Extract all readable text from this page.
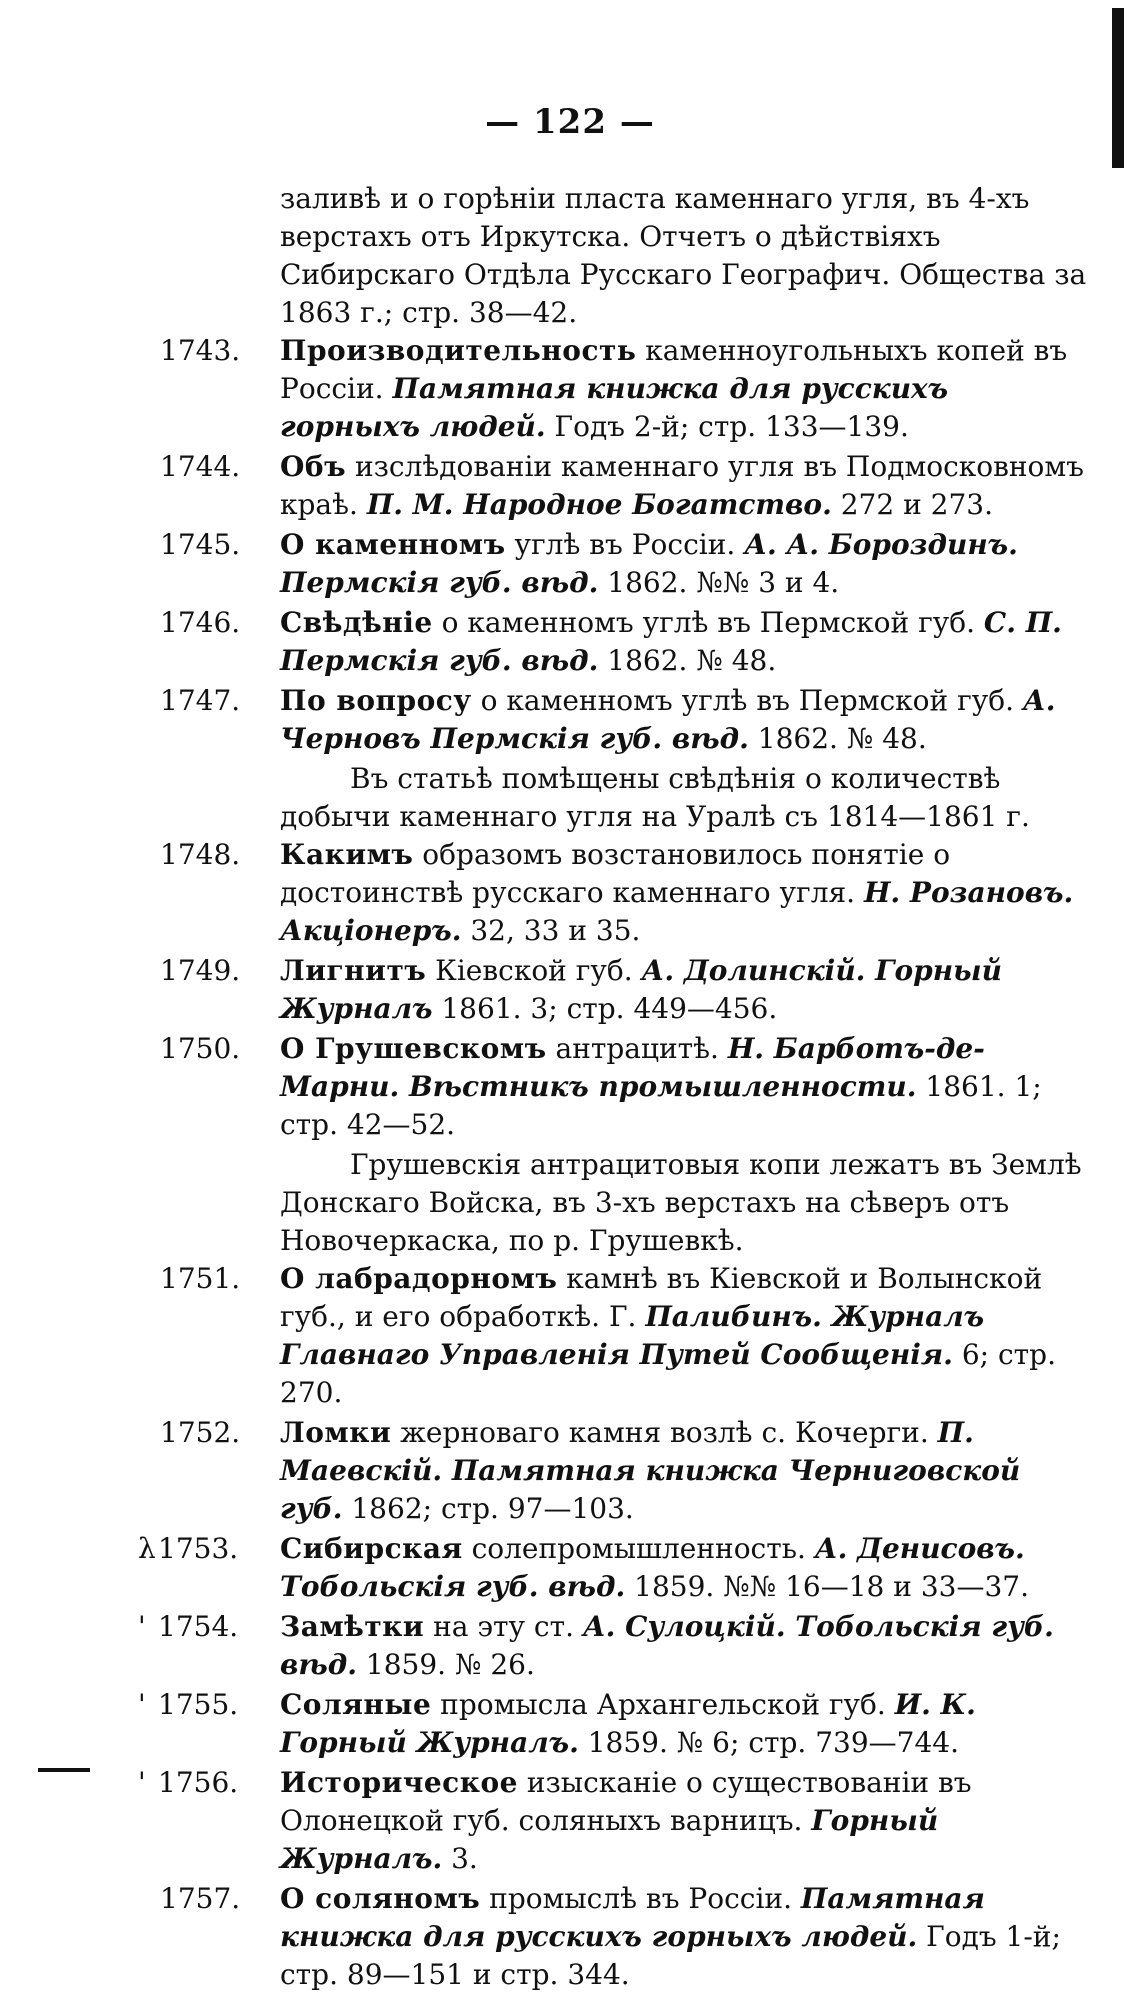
— 122 —

заливѣ и о горѣніи пласта каменнаго угля, въ 4-хъ верстахъ отъ Иркутска. Отчетъ о дѣйствіяхъ Сибирскаго Отдѣла Русскаго Географич. Общества за 1863 г.; стр. 38—42.

1743.	Производительность каменноугольныхъ копей въ Россіи. Памятная книжка для русскихъ горныхъ людей. Годъ 2-й; стр. 133—139.

1744.	Объ изслѣдованіи каменнаго угля въ Подмосковномъ краѣ. П. М. Народное Богатство. 272 и 273.

1745.	О каменномъ углѣ въ Россіи. А. А. Бороздинъ. Пермскія губ. вѣд. 1862. №№ 3 и 4.

1746.	Свѣдѣніе о каменномъ углѣ въ Пермской губ. С. П. Пермскія губ. вѣд. 1862. № 48.

1747.	По вопросу о каменномъ углѣ въ Пермской губ. А. Черновъ Пермскія губ. вѣд. 1862. № 48.

Въ статьѣ помѣщены свѣдѣнія о количествѣ добычи каменнаго угля на Уралѣ съ 1814—1861 г.

1748.	Какимъ образомъ возстановилось понятіе о достоинствѣ русскаго каменнаго угля. Н. Розановъ. Акціонеръ. 32, 33 и 35.

1749.	Лигнитъ Кіевской губ. А. Долинскій. Горный Журналъ 1861. 3; стр. 449—456.

1750.	О Грушевскомъ антрацитѣ. Н. Барботъ-де-Марни. Вѣстникъ промышленности. 1861. 1; стр. 42—52.

Грушевскія антрацитовыя копи лежатъ въ Землѣ Донскаго Войска, въ 3-хъ верстахъ на сѣверъ отъ Новочеркаска, по р. Грушевкѣ.

1751.	О лабрадорномъ камнѣ въ Кіевской и Волынской губ., и его обработкѣ. Г. Палибинъ. Журналъ Главнаго Управленія Путей Сообщенія. 6; стр. 270.

1752.	Ломки жерноваго камня возлѣ с. Кочерги. П. Маевскій. Памятная книжка Черниговской губ. 1862; стр. 97—103.

λ1753.	Сибирская солепромышленность. А. Денисовъ. Тобольскія губ. вѣд. 1859. №№ 16—18 и 33—37.

' 1754.	Замѣтки на эту ст. А. Сулоцкій. Тобольскія губ. вѣд. 1859. № 26.

' 1755.	Соляные промысла Архангельской губ. И. К. Горный Журналъ. 1859. № 6; стр. 739—744.

' 1756.	Историческое изысканіе о существованіи въ Олонецкой губ. соляныхъ варницъ. Горный Журналъ. 3.

1757.	О соляномъ промыслѣ въ Россіи. Памятная книжка для русскихъ горныхъ людей. Годъ 1-й; стр. 89—151 и стр. 344.
